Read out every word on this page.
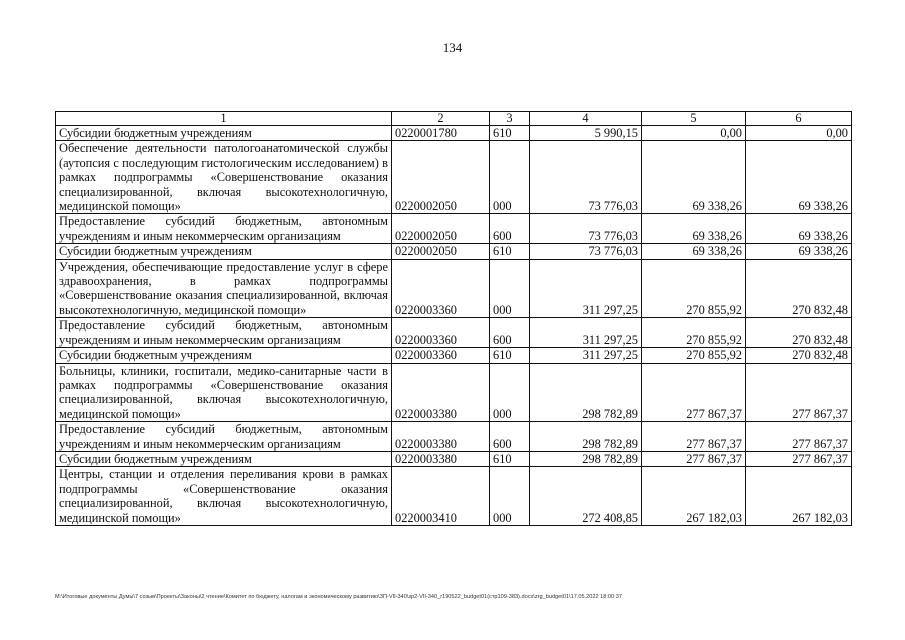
134
1	2	3	4	5	6
Субсидии бюджетным учреждениям	0220001780	610	5 990,15	0,00	0,00
Обеспечение деятельности патологоанатомической службы (аутопсия с последующим гистологическим исследованием) в рамках подпрограммы «Совершенствование оказания специализированной, включая высокотехнологичную, медицинской помощи»	0220002050	000	73 776,03	69 338,26	69 338,26
Предоставление субсидий бюджетным, автономным учреждениям и иным некоммерческим организациям	0220002050	600	73 776,03	69 338,26	69 338,26
Субсидии бюджетным учреждениям	0220002050	610	73 776,03	69 338,26	69 338,26
Учреждения, обеспечивающие предоставление услуг в сфере здравоохранения, в рамках подпрограммы «Совершенствование оказания специализированной, включая высокотехнологичную, медицинской помощи»	0220003360	000	311 297,25	270 855,92	270 832,48
Предоставление субсидий бюджетным, автономным учреждениям и иным некоммерческим организациям	0220003360	600	311 297,25	270 855,92	270 832,48
Субсидии бюджетным учреждениям	0220003360	610	311 297,25	270 855,92	270 832,48
Больницы, клиники, госпитали, медико-санитарные части в рамках подпрограммы «Совершенствование оказания специализированной, включая высокотехнологичную, медицинской помощи»	0220003380	000	298 782,89	277 867,37	277 867,37
Предоставление субсидий бюджетным, автономным учреждениям и иным некоммерческим организациям	0220003380	600	298 782,89	277 867,37	277 867,37
Субсидии бюджетным учреждениям	0220003380	610	298 782,89	277 867,37	277 867,37
Центры, станции и отделения переливания крови в рамках подпрограммы «Совершенствование оказания специализированной, включая высокотехнологичную, медицинской помощи»	0220003410	000	272 408,85	267 182,03	267 182,03
M:\Итоговые документы Думы\7 созыв\Проекты\Законы\2 чтение\Комитет по бюджету, налогам и экономическому развитию\ЗП-VII-340\зр2-VII-340_r190522_budget01(стр109-383).docx\zrg_budget01\17.05.2022 18:00:37
